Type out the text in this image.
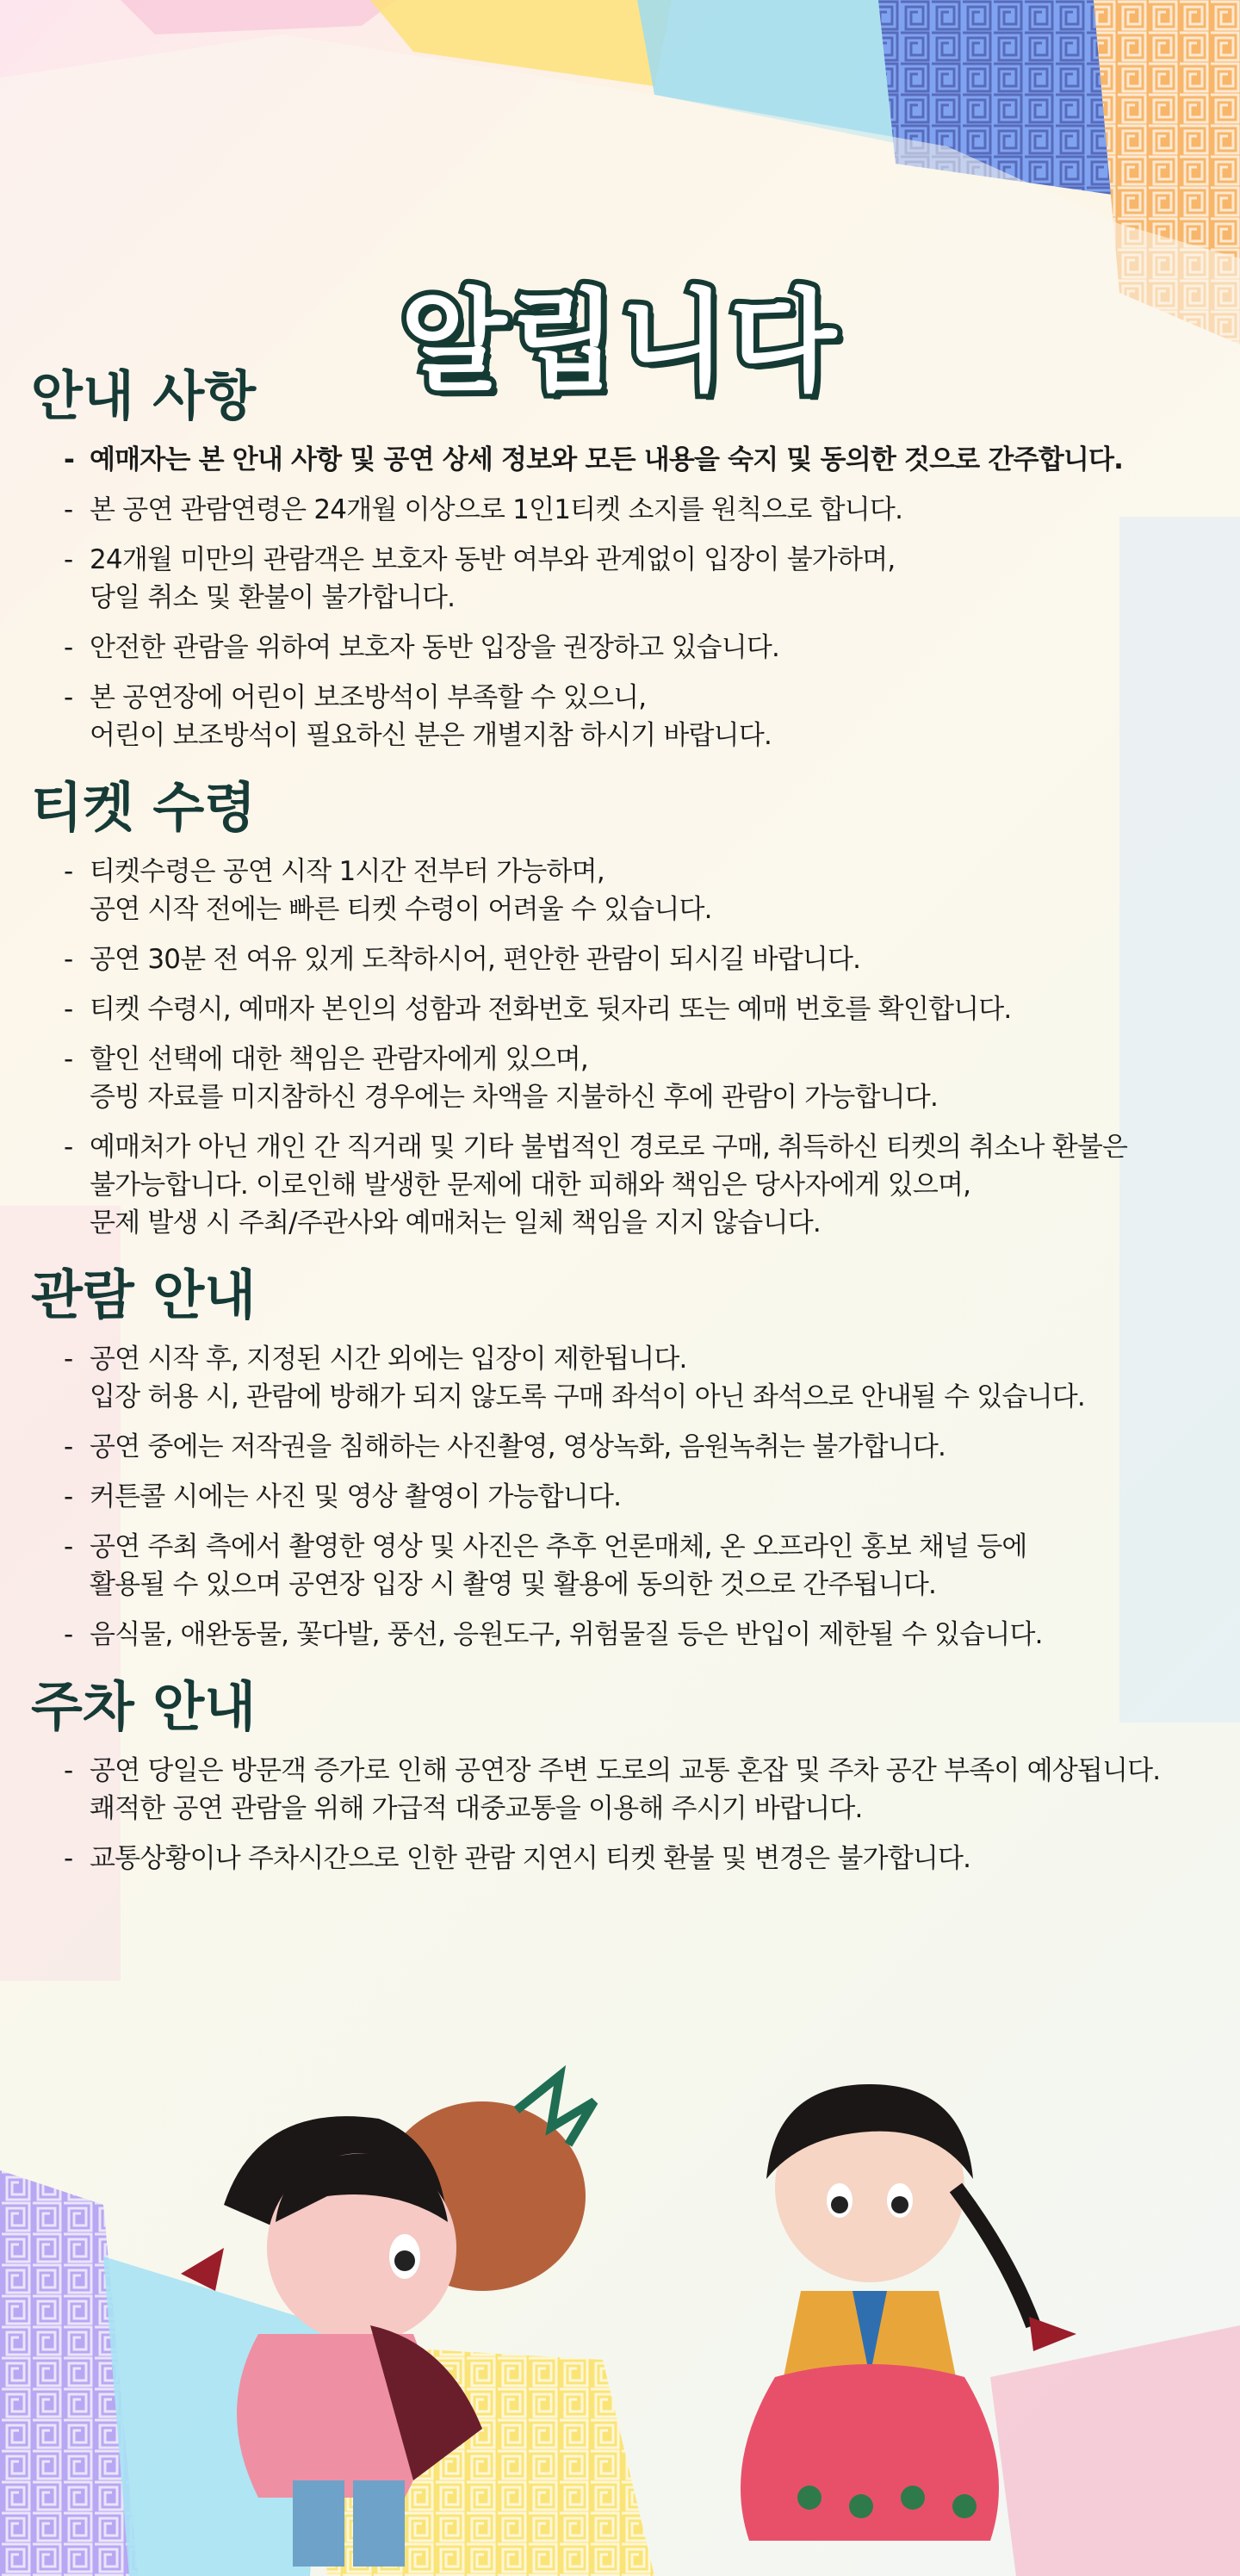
알립니다
안내 사항
- 예매자는 본 안내 사항 및 공연 상세 정보와 모든 내용을 숙지 및 동의한 것으로 간주합니다.
- 본 공연 관람연령은 24개월 이상으로 1인1티켓 소지를 원칙으로 합니다.
- 24개월 미만의 관람객은 보호자 동반 여부와 관계없이 입장이 불가하며,
당일 취소 및 환불이 불가합니다.
- 안전한 관람을 위하여 보호자 동반 입장을 권장하고 있습니다.
- 본 공연장에 어린이 보조방석이 부족할 수 있으니,
어린이 보조방석이 필요하신 분은 개별지참 하시기 바랍니다.
티켓 수령
- 티켓수령은 공연 시작 1시간 전부터 가능하며,
공연 시작 전에는 빠른 티켓 수령이 어려울 수 있습니다.
- 공연 30분 전 여유 있게 도착하시어, 편안한 관람이 되시길 바랍니다.
- 티켓 수령시, 예매자 본인의 성함과 전화번호 뒷자리 또는 예매 번호를 확인합니다.
- 할인 선택에 대한 책임은 관람자에게 있으며,
증빙 자료를 미지참하신 경우에는 차액을 지불하신 후에 관람이 가능합니다.
- 예매처가 아닌 개인 간 직거래 및 기타 불법적인 경로로 구매, 취득하신 티켓의 취소나 환불은
불가능합니다. 이로인해 발생한 문제에 대한 피해와 책임은 당사자에게 있으며,
문제 발생 시 주최/주관사와 예매처는 일체 책임을 지지 않습니다.
관람 안내
- 공연 시작 후, 지정된 시간 외에는 입장이 제한됩니다.
입장 허용 시, 관람에 방해가 되지 않도록 구매 좌석이 아닌 좌석으로 안내될 수 있습니다.
- 공연 중에는 저작권을 침해하는 사진촬영, 영상녹화, 음원녹취는 불가합니다.
- 커튼콜 시에는 사진 및 영상 촬영이 가능합니다.
- 공연 주최 측에서 촬영한 영상 및 사진은 추후 언론매체, 온 오프라인 홍보 채널 등에
활용될 수 있으며 공연장 입장 시 촬영 및 활용에 동의한 것으로 간주됩니다.
- 음식물, 애완동물, 꽃다발, 풍선, 응원도구, 위험물질 등은 반입이 제한될 수 있습니다.
주차 안내
- 공연 당일은 방문객 증가로 인해 공연장 주변 도로의 교통 혼잡 및 주차 공간 부족이 예상됩니다.
쾌적한 공연 관람을 위해 가급적 대중교통을 이용해 주시기 바랍니다.
- 교통상황이나 주차시간으로 인한 관람 지연시 티켓 환불 및 변경은 불가합니다.
